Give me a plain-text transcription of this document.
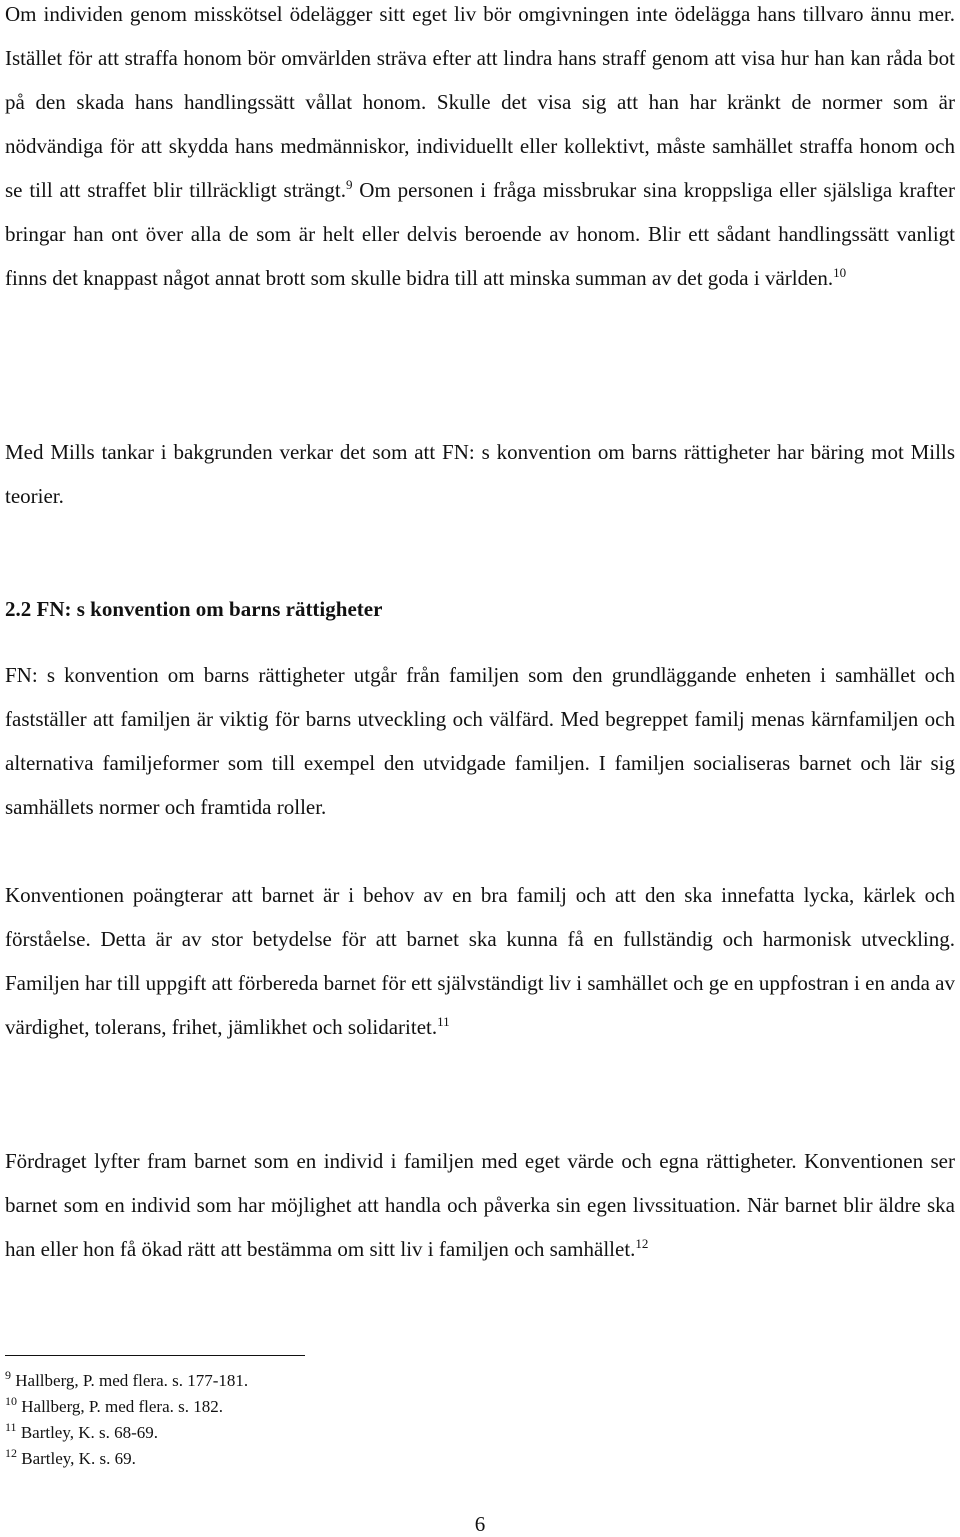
Om individen genom misskötsel ödelägger sitt eget liv bör omgivningen inte ödelägga hans tillvaro ännu mer. Istället för att straffa honom bör omvärlden sträva efter att lindra hans straff genom att visa hur han kan råda bot på den skada hans handlingssätt vållat honom. Skulle det visa sig att han har kränkt de normer som är nödvändiga för att skydda hans medmänniskor, individuellt eller kollektivt, måste samhället straffa honom och se till att straffet blir tillräckligt strängt.$^9$ Om personen i fråga missbrukar sina kroppsliga eller själsliga krafter bringar han ont över alla de som är helt eller delvis beroende av honom. Blir ett sådant handlingssätt vanligt finns det knappast något annat brott som skulle bidra till att minska summan av det goda i världen.$^{10}$

Med Mills tankar i bakgrunden verkar det som att FN: s konvention om barns rättigheter har bäring mot Mills teorier.

2.2 FN: s konvention om barns rättigheter

FN: s konvention om barns rättigheter utgår från familjen som den grundläggande enheten i samhället och fastställer att familjen är viktig för barns utveckling och välfärd. Med begreppet familj menas kärnfamiljen och alternativa familjeformer som till exempel den utvidgade familjen. I familjen socialiseras barnet och lär sig samhällets normer och framtida roller.

Konventionen poängterar att barnet är i behov av en bra familj och att den ska innefatta lycka, kärlek och förståelse. Detta är av stor betydelse för att barnet ska kunna få en fullständig och harmonisk utveckling. Familjen har till uppgift att förbereda barnet för ett självständigt liv i samhället och ge en uppfostran i en anda av värdighet, tolerans, frihet, jämlikhet och solidaritet.$^{11}$

Fördraget lyfter fram barnet som en individ i familjen med eget värde och egna rättigheter. Konventionen ser barnet som en individ som har möjlighet att handla och påverka sin egen livssituation. När barnet blir äldre ska han eller hon få ökad rätt att bestämma om sitt liv i familjen och samhället.$^{12}$

$^9$ Hallberg, P. med flera. s. 177-181.

$^{10}$ Hallberg, P. med flera. s. 182.

$^{11}$ Bartley, K. s. 68-69.

$^{12}$ Bartley, K. s. 69.

6
